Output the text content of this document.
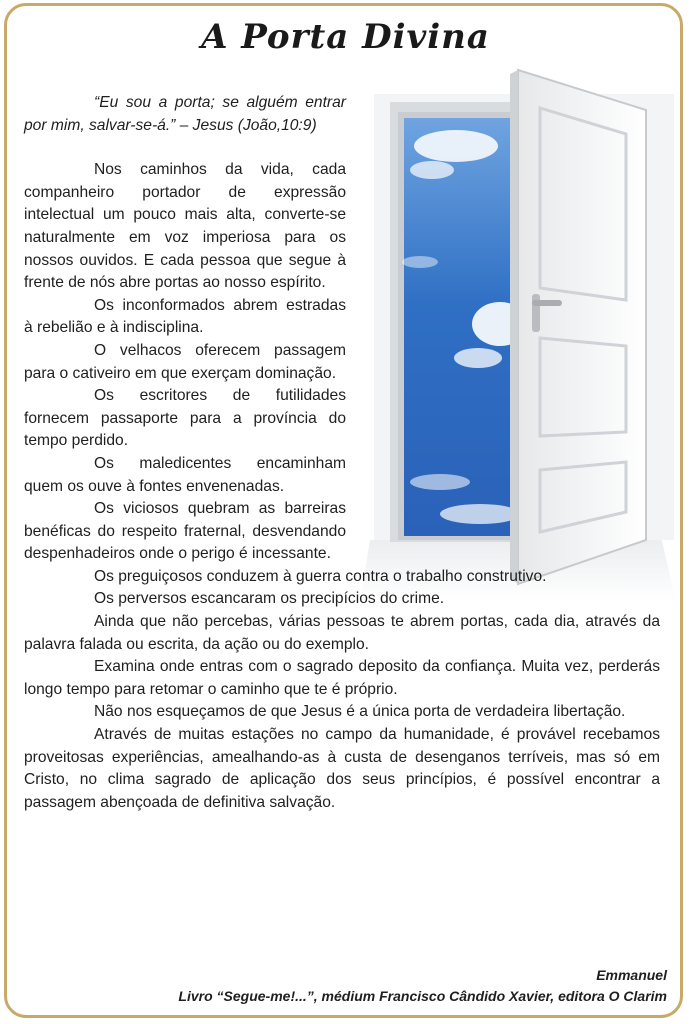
A Porta Divina

“Eu sou a porta; se alguém entrar por mim, salvar-se-á.” – Jesus (João,10:9)

Nos caminhos da vida, cada companheiro portador de expressão intelectual um pouco mais alta, converte-se naturalmente em voz imperiosa para os nossos ouvidos. E cada pessoa que segue à frente de nós abre portas ao nosso espírito.

Os inconformados abrem estradas à rebelião e à indisciplina.

O velhacos oferecem passagem para o cativeiro em que exerçam dominação.

Os escritores de futilidades fornecem passaporte para a província do tempo perdido.

Os maledicentes encaminham quem os ouve à fontes envenenadas.

Os viciosos quebram as barreiras benéficas do respeito fraternal, desvendando despenhadeiros onde o perigo é incessante.

Os preguiçosos conduzem à guerra contra o trabalho construtivo.

Os perversos escancaram os precipícios do crime.

Ainda que não percebas, várias pessoas te abrem portas, cada dia, através da palavra falada ou escrita, da ação ou do exemplo.

Examina onde entras com o sagrado deposito da confiança. Muita vez, perderás longo tempo para retomar o caminho que te é próprio.

Não nos esqueçamos de que Jesus é a única porta de verdadeira libertação.

Através de muitas estações no campo da humanidade, é provável recebamos proveitosas experiências, amealhando-as à custa de desenganos terríveis, mas só em Cristo, no clima sagrado de aplicação dos seus princípios, é possível encontrar a passagem abençoada de definitiva salvação.

Emmanuel
Livro “Segue-me!...”, médium Francisco Cândido Xavier, editora O Clarim
